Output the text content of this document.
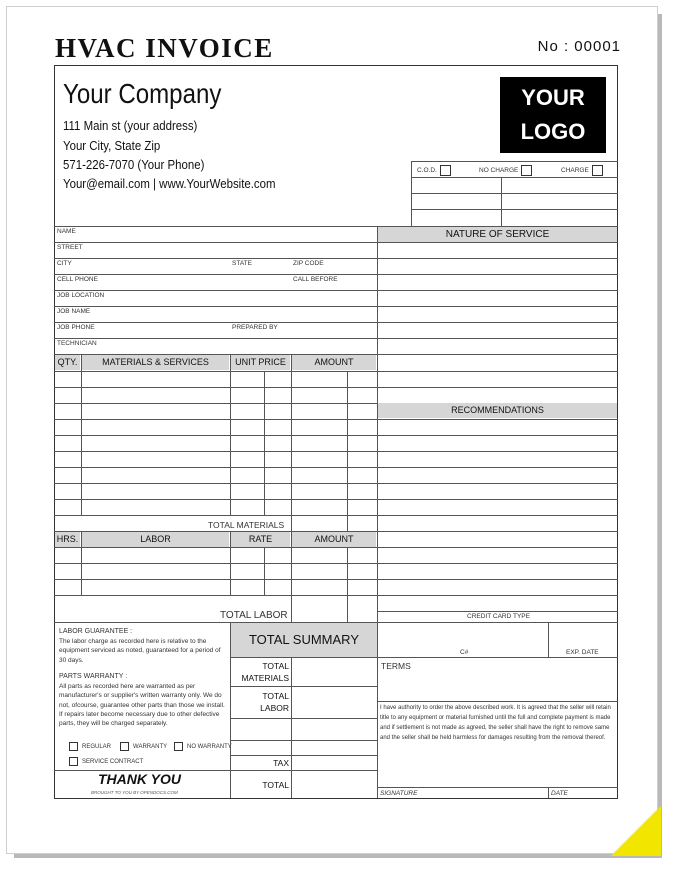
HVAC INVOICE	No : 00001
Your Company
111 Main st (your address)
Your City, State Zip
571-226-7070 (Your Phone)
Your@email.com | www.YourWebsite.com
YOUR
LOGO
C.O.D.	NO CHARGE	CHARGE
NAME
STREET
CITY	STATE	ZIP CODE
CELL PHONE	CALL BEFORE
JOB LOCATION
JOB NAME
JOB PHONE	PREPARED BY
TECHNICIAN
QTY.	MATERIALS & SERVICES	UNIT PRICE	AMOUNT
TOTAL MATERIALS
HRS.	LABOR	RATE	AMOUNT
TOTAL LABOR
NATURE OF SERVICE
RECOMMENDATIONS
CREDIT CARD TYPE
C#	EXP. DATE
TERMS
I have authority to order the above described work. It is agreed that the seller will retain title to any equipment or material furnished until the full and complete payment is made and if settlement is not made as agreed, the seller shall have the right to remove same and the seller shall be held harmless for damages resulting from the removal thereof.
SIGNATURE	DATE
LABOR GUARANTEE :
The labor charge as recorded here is relative to the equipment serviced as noted, guaranteed for a period of 30 days.
PARTS WARRANTY :
All parts as recorded here are warranted as per manufacturer's or supplier's written warranty only. We do not, ofcourse, guarantee other parts than those we install. If repairs later become necessary due to other defective parts, they will be charged separately.
REGULAR	WARRANTY	NO WARRANTY
SERVICE CONTRACT
THANK YOU
BROUGHT TO YOU BY OPENDOCS.COM
TOTAL SUMMARY
TOTAL MATERIALS
TOTAL LABOR
TAX
TOTAL
